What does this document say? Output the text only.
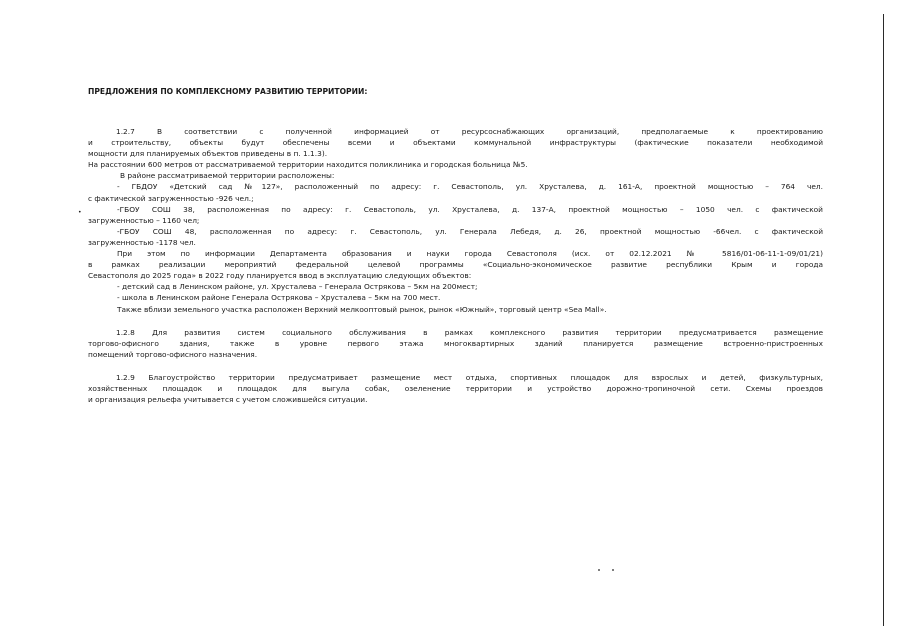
ПРЕДЛОЖЕНИЯ ПО КОМПЛЕКСНОМУ РАЗВИТИЮ ТЕРРИТОРИИ:
•
1.2.7 В соответствии с полученной информацией от ресурсоснабжающих организаций, предполагаемые к проектированию
и строительству, объекты будут обеспечены всеми и объектами коммунальной инфраструктуры (фактические показатели необходимой
мощности для планируемых объектов приведены в п. 1.1.3).
На расстоянии 600 метров от рассматриваемой территории находится поликлиника и городская больница №5.
В районе рассматриваемой территории расположены:
- ГБДОУ «Детский сад №127», расположенный по адресу: г. Севастополь, ул. Хрусталева, д. 161-А, проектной мощностью – 764 чел.
с фактической загруженностью -926 чел.;
-ГБОУ СОШ 38, расположенная по адресу: г. Севастополь, ул. Хрусталева, д. 137-А, проектной мощностью – 1050 чел. с фактической
загруженностью – 1160 чел;
-ГБОУ СОШ 48, расположенная по адресу: г. Севастополь, ул. Генерала Лебедя, д. 26, проектной мощностью -66чел. с фактической
загруженностью -1178 чел.
При этом по информации Департамента образования и науки города Севастополя (исх. от 02.12.2021 № 5816/01-06-11-1-09/01/21)
в рамках реализации мероприятий федеральной целевой программы «Социально-экономическое развитие республики Крым и города
Севастополя до 2025 года» в 2022 году планируется ввод в эксплуатацию следующих объектов:
- детский сад в Ленинском районе, ул. Хрусталева – Генерала Острякова – 5км на 200мест;
- школа в Ленинском районе Генерала Острякова – Хрусталева – 5км на 700 мест.
Также вблизи земельного участка расположен Верхний мелкооптовый рынок, рынок «Южный», торговый центр «Sea Mall».
1.2.8 Для развития систем социального обслуживания в рамках комплексного развития территории предусматривается размещение
торгово-офисного здания, также в уровне первого этажа многоквартирных зданий планируется размещение встроенно-пристроенных
помещений торгово-офисного назначения.
1.2.9 Благоустройство территории предусматривает размещение мест отдыха, спортивных площадок для взрослых и детей, физкультурных,
хозяйственных площадок и площадок для выгула собак, озеленение территории и устройство дорожно-тропиночной сети. Схемы проездов
и организация рельефа учитывается с учетом сложившейся ситуации.
